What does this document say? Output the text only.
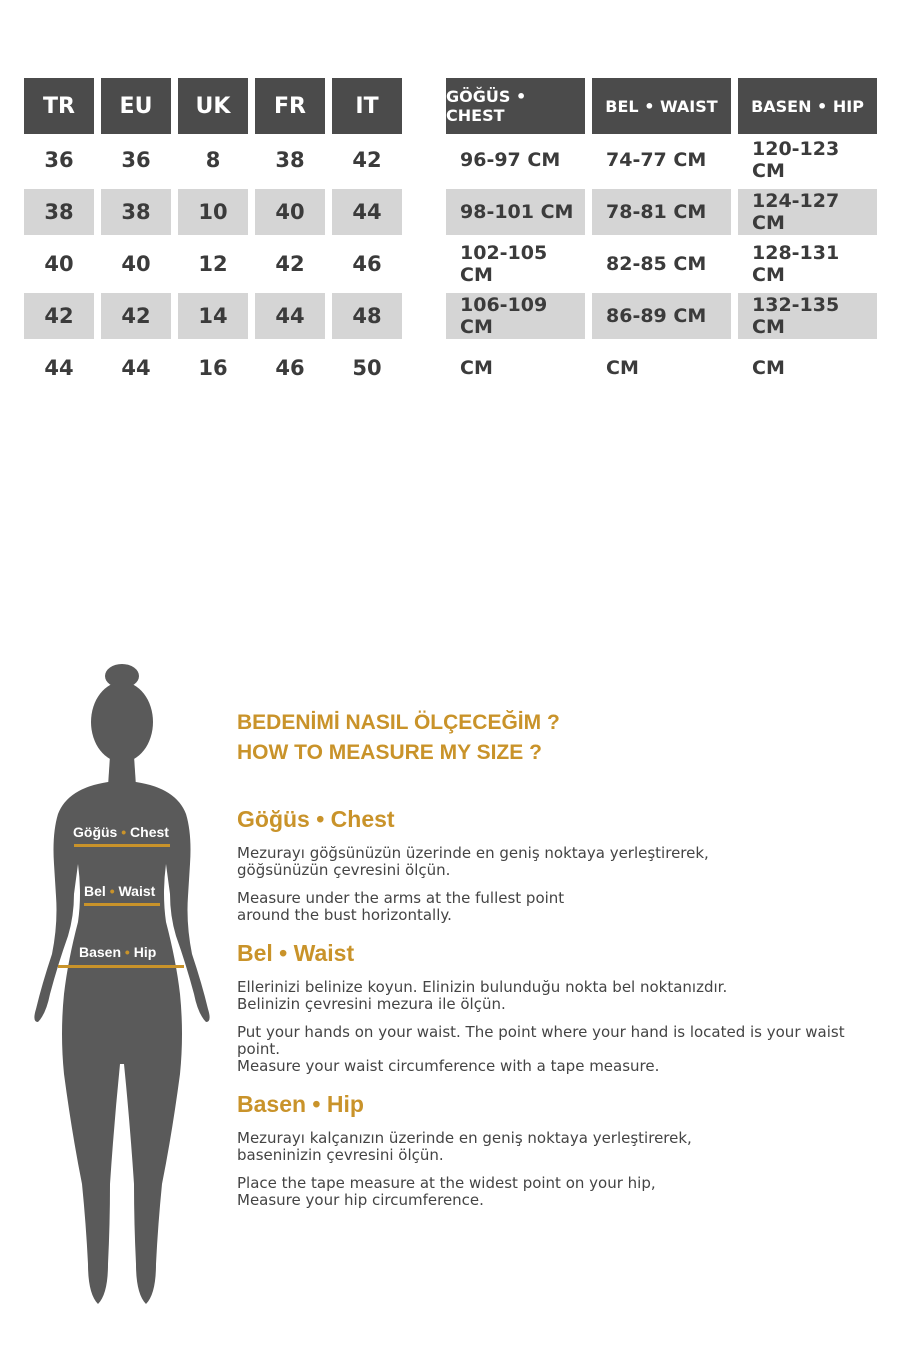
TR	EU	UK	FR	IT
36	36	8	38	42
38	38	10	40	44
40	40	12	42	46
42	42	14	44	48
44	44	16	46	50
GÖĞÜS • CHEST	BEL • WAIST	BASEN • HIP
96-97 CM	74-77 CM	120-123 CM
98-101 CM	78-81 CM	124-127 CM
102-105 CM	82-85 CM	128-131 CM
106-109 CM	86-89 CM	132-135 CM
CM	CM	CM
Göğüs • Chest
Bel • Waist
Basen • Hip
BEDENİMİ NASIL ÖLÇECEĞİM ?
HOW TO MEASURE MY SIZE ?
Göğüs • Chest

Mezurayı göğsünüzün üzerinde en geniş noktaya yerleştirerek,

göğsünüzün çevresini ölçün.

Measure under the arms at the fullest point

around the bust horizontally.

Bel • Waist

Ellerinizi belinize koyun. Elinizin bulunduğu nokta bel noktanızdır.

Belinizin çevresini mezura ile ölçün.

Put your hands on your waist. The point where your hand is located is your waist point.

Measure your waist circumference with a tape measure.

Basen • Hip

Mezurayı kalçanızın üzerinde en geniş noktaya yerleştirerek,

baseninizin çevresini ölçün.

Place the tape measure at the widest point on your hip,

Measure your hip circumference.
